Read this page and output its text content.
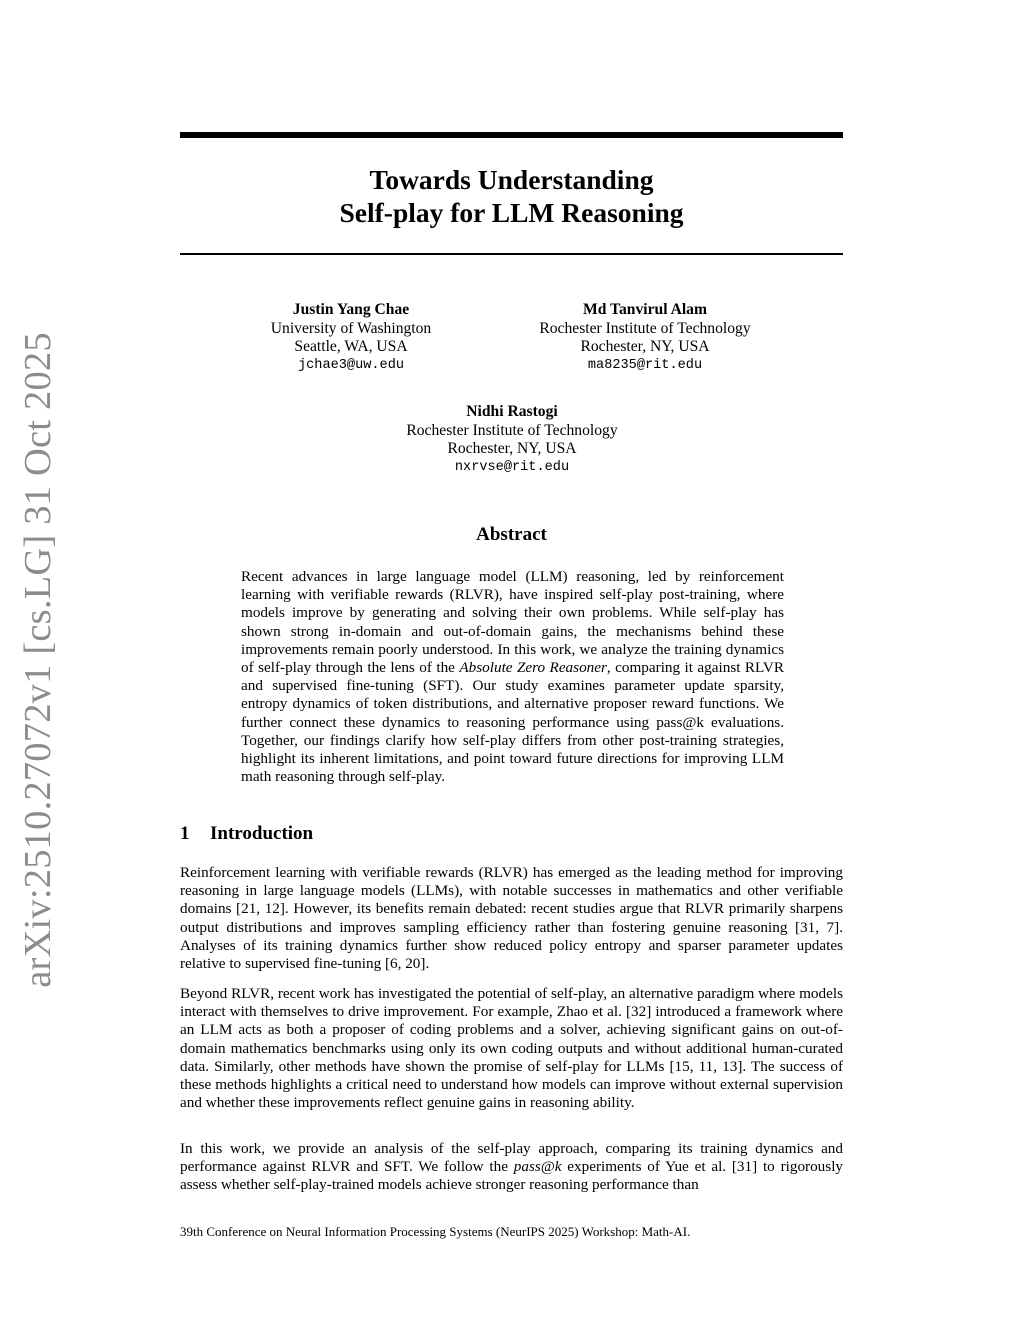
arXiv:2510.27072v1 [cs.LG] 31 Oct 2025
Towards Understanding
Self-play for LLM Reasoning
Justin Yang Chae
University of Washington
Seattle, WA, USA
jchae3@uw.edu
Md Tanvirul Alam
Rochester Institute of Technology
Rochester, NY, USA
ma8235@rit.edu
Nidhi Rastogi
Rochester Institute of Technology
Rochester, NY, USA
nxrvse@rit.edu
Abstract
Recent advances in large language model (LLM) reasoning, led by reinforcement learning with verifiable rewards (RLVR), have inspired self-play post-training, where models improve by generating and solving their own problems. While self-play has shown strong in-domain and out-of-domain gains, the mechanisms behind these improvements remain poorly understood. In this work, we analyze the training dynamics of self-play through the lens of the Absolute Zero Reasoner, comparing it against RLVR and supervised fine-tuning (SFT). Our study examines parameter update sparsity, entropy dynamics of token distributions, and alternative proposer reward functions. We further connect these dynamics to reasoning performance using pass@k evaluations. Together, our findings clarify how self-play differs from other post-training strategies, highlight its inherent limitations, and point toward future directions for improving LLM math reasoning through self-play.
1 Introduction

Reinforcement learning with verifiable rewards (RLVR) has emerged as the leading method for improving reasoning in large language models (LLMs), with notable successes in mathematics and other verifiable domains [21, 12]. However, its benefits remain debated: recent studies argue that RLVR primarily sharpens output distributions and improves sampling efficiency rather than fostering genuine reasoning [31, 7]. Analyses of its training dynamics further show reduced policy entropy and sparser parameter updates relative to supervised fine-tuning [6, 20].

Beyond RLVR, recent work has investigated the potential of self-play, an alternative paradigm where models interact with themselves to drive improvement. For example, Zhao et al. [32] introduced a framework where an LLM acts as both a proposer of coding problems and a solver, achieving significant gains on out-of-domain mathematics benchmarks using only its own coding outputs and without additional human-curated data. Similarly, other methods have shown the promise of self-play for LLMs [15, 11, 13]. The success of these methods highlights a critical need to understand how models can improve without external supervision and whether these improvements reflect genuine gains in reasoning ability.

In this work, we provide an analysis of the self-play approach, comparing its training dynamics and performance against RLVR and SFT. We follow the pass@k experiments of Yue et al. [31] to rigorously assess whether self-play-trained models achieve stronger reasoning performance than

39th Conference on Neural Information Processing Systems (NeurIPS 2025) Workshop: Math-AI.
